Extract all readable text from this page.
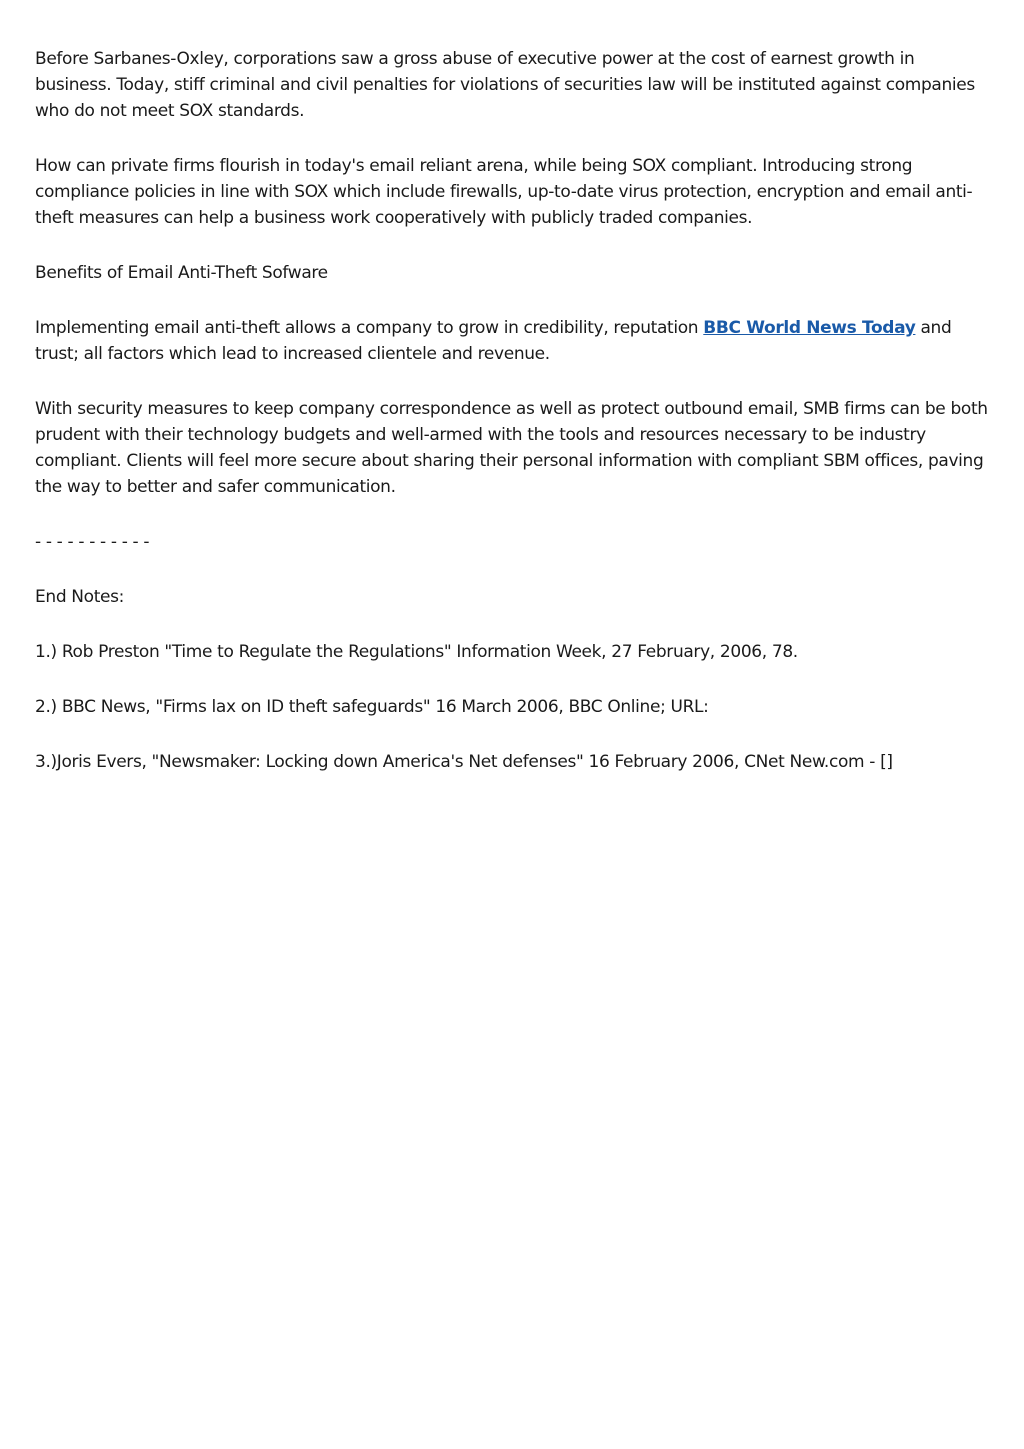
Before Sarbanes-Oxley, corporations saw a gross abuse of executive power at the cost of earnest growth in business. Today, stiff criminal and civil penalties for violations of securities law will be instituted against companies who do not meet SOX standards.

How can private firms flourish in today's email reliant arena, while being SOX compliant. Introducing strong compliance policies in line with SOX which include firewalls, up-to-date virus protection, encryption and email anti-theft measures can help a business work cooperatively with publicly traded companies.

Benefits of Email Anti-Theft Sofware

Implementing email anti-theft allows a company to grow in credibility, reputation BBC World News Today and trust; all factors which lead to increased clientele and revenue.

With security measures to keep company correspondence as well as protect outbound email, SMB firms can be both prudent with their technology budgets and well-armed with the tools and resources necessary to be industry compliant. Clients will feel more secure about sharing their personal information with compliant SBM offices, paving the way to better and safer communication.

- - - - - - - - - - -

End Notes:

1.) Rob Preston "Time to Regulate the Regulations" Information Week, 27 February, 2006, 78.

2.) BBC News, "Firms lax on ID theft safeguards" 16 March 2006, BBC Online; URL:

3.)Joris Evers, "Newsmaker: Locking down America's Net defenses" 16 February 2006, CNet New.com - []
